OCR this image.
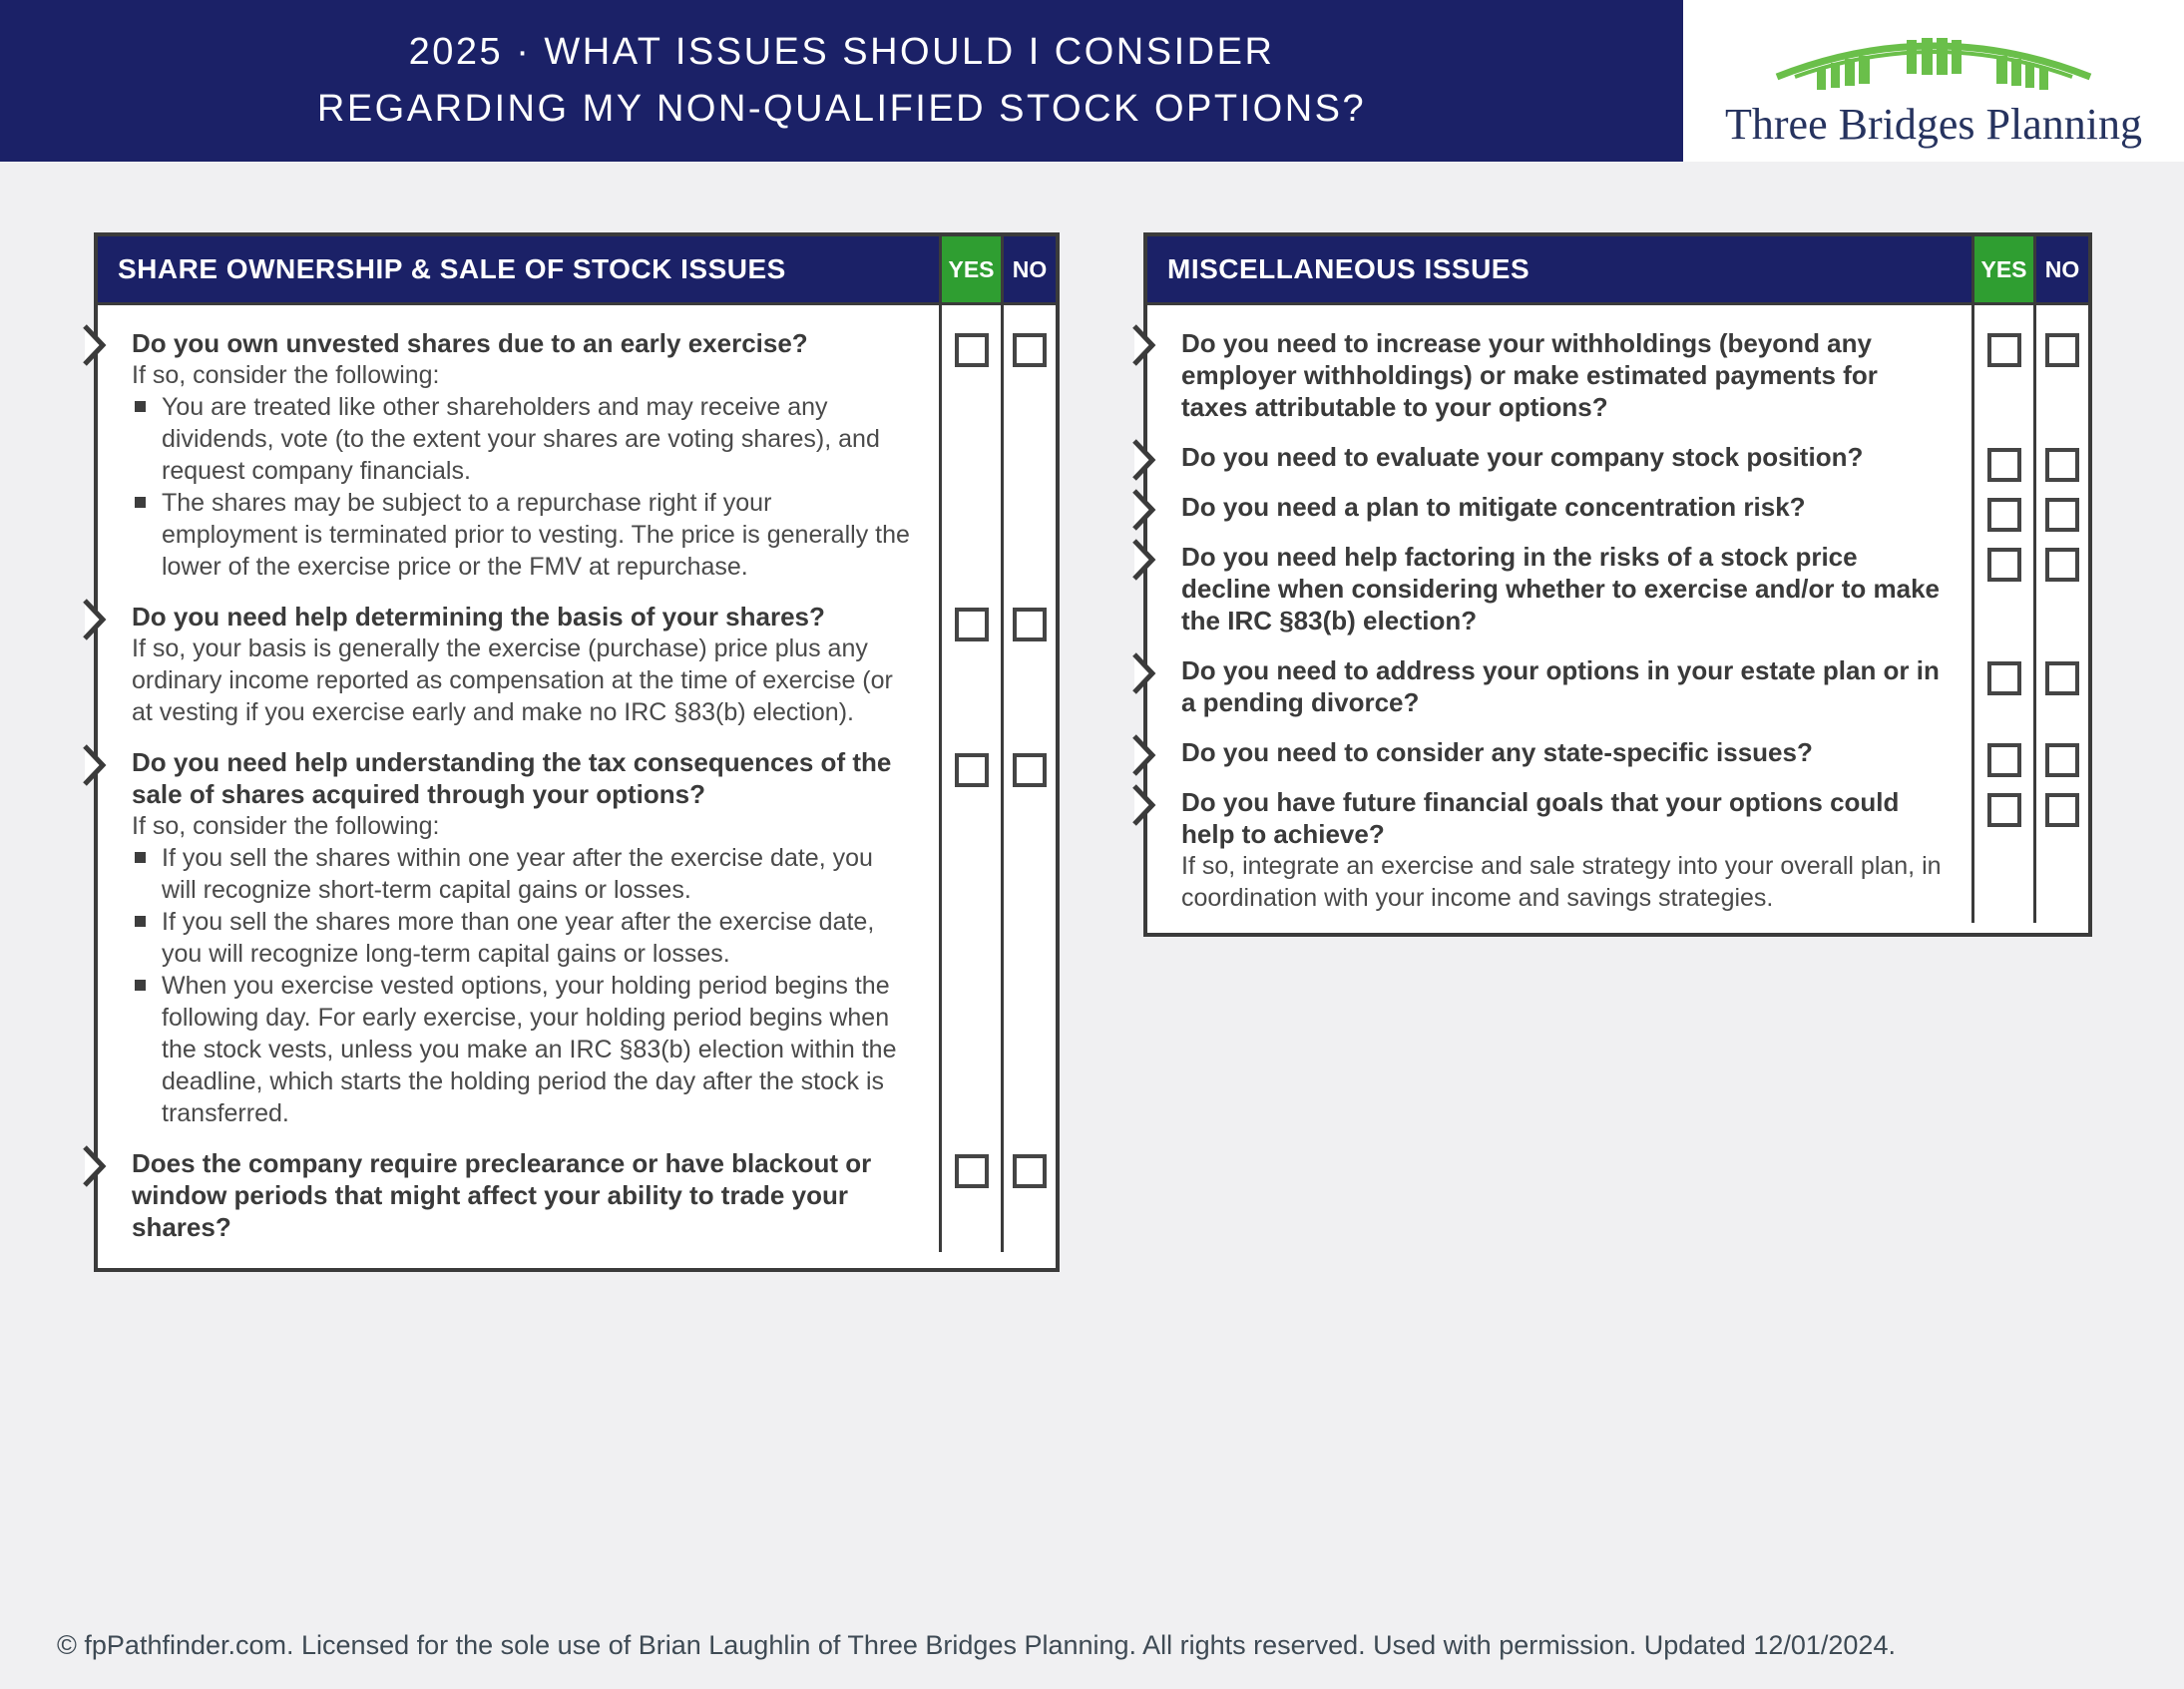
2025 · WHAT ISSUES SHOULD I CONSIDER
REGARDING MY NON-QUALIFIED STOCK OPTIONS?	Three Bridges Planning
SHARE OWNERSHIP & SALE OF STOCK ISSUES	YES NO
Do you own unvested shares due to an early exercise?
If so, consider the following:
You are treated like other shareholders and may receive any dividends, vote (to the extent your shares are voting shares), and request company financials.
The shares may be subject to a repurchase right if your employment is terminated prior to vesting. The price is generally the lower of the exercise price or the FMV at repurchase.
Do you need help determining the basis of your shares?
If so, your basis is generally the exercise (purchase) price plus any ordinary income reported as compensation at the time of exercise (or at vesting if you exercise early and make no IRC §83(b) election).
Do you need help understanding the tax consequences of the sale of shares acquired through your options?
If so, consider the following:
If you sell the shares within one year after the exercise date, you will recognize short-term capital gains or losses.
If you sell the shares more than one year after the exercise date, you will recognize long-term capital gains or losses.
When you exercise vested options, your holding period begins the following day. For early exercise, your holding period begins when the stock vests, unless you make an IRC §83(b) election within the deadline, which starts the holding period the day after the stock is transferred.
Does the company require preclearance or have blackout or window periods that might affect your ability to trade your shares?
MISCELLANEOUS ISSUES	YES NO
Do you need to increase your withholdings (beyond any employer withholdings) or make estimated payments for taxes attributable to your options?
Do you need to evaluate your company stock position?
Do you need a plan to mitigate concentration risk?
Do you need help factoring in the risks of a stock price decline when considering whether to exercise and/or to make the IRC §83(b) election?
Do you need to address your options in your estate plan or in a pending divorce?
Do you need to consider any state-specific issues?
Do you have future financial goals that your options could help to achieve?
If so, integrate an exercise and sale strategy into your overall plan, in coordination with your income and savings strategies.
© fpPathfinder.com. Licensed for the sole use of Brian Laughlin of Three Bridges Planning. All rights reserved. Used with permission. Updated 12/01/2024.
